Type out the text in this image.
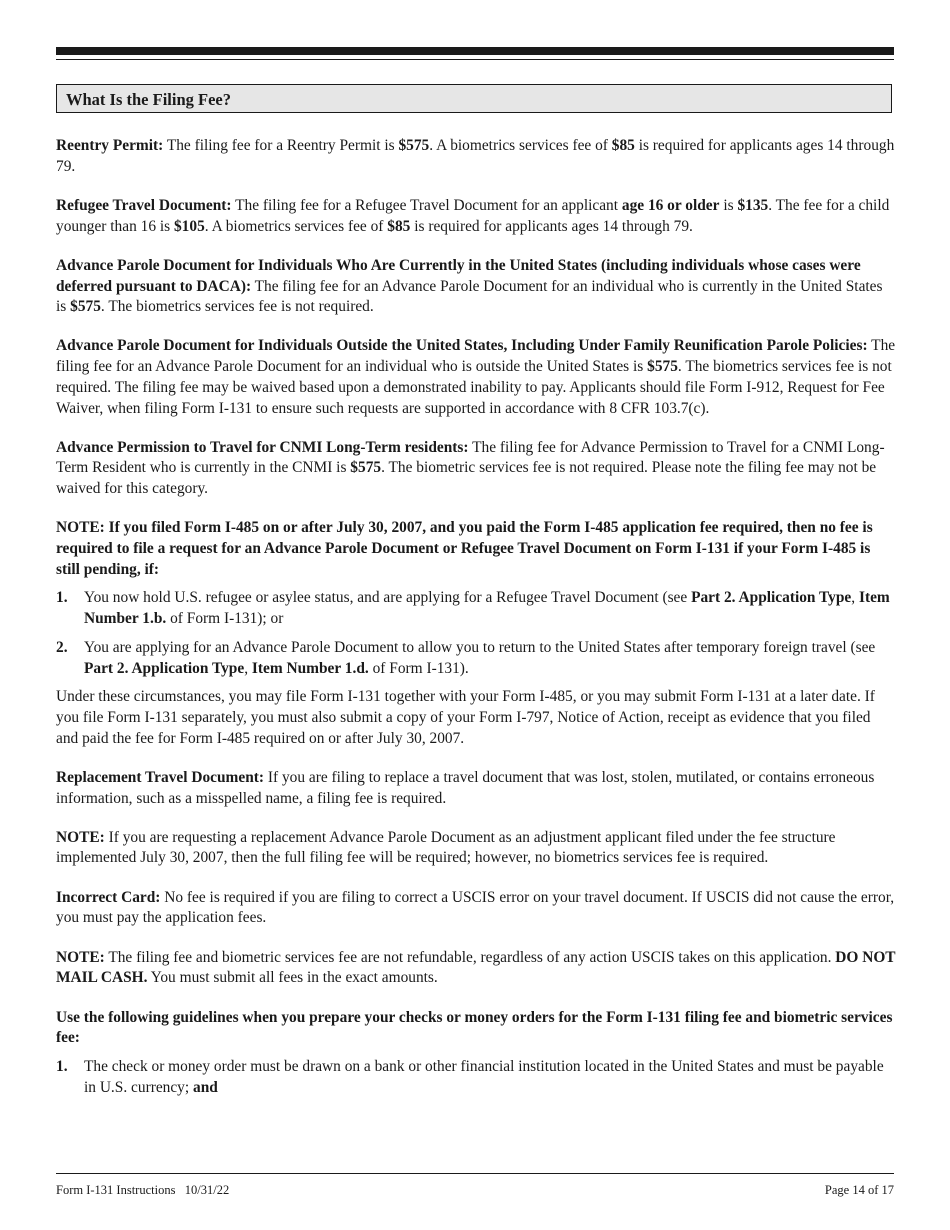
What Is the Filing Fee?

Reentry Permit: The filing fee for a Reentry Permit is $575. A biometrics services fee of $85 is required for applicants ages 14 through 79.

Refugee Travel Document: The filing fee for a Refugee Travel Document for an applicant age 16 or older is $135. The fee for a child younger than 16 is $105. A biometrics services fee of $85 is required for applicants ages 14 through 79.

Advance Parole Document for Individuals Who Are Currently in the United States (including individuals whose cases were deferred pursuant to DACA): The filing fee for an Advance Parole Document for an individual who is currently in the United States is $575. The biometrics services fee is not required.

Advance Parole Document for Individuals Outside the United States, Including Under Family Reunification Parole Policies: The filing fee for an Advance Parole Document for an individual who is outside the United States is $575. The biometrics services fee is not required. The filing fee may be waived based upon a demonstrated inability to pay. Applicants should file Form I-912, Request for Fee Waiver, when filing Form I-131 to ensure such requests are supported in accordance with 8 CFR 103.7(c).

Advance Permission to Travel for CNMI Long-Term residents: The filing fee for Advance Permission to Travel for a CNMI Long-Term Resident who is currently in the CNMI is $575. The biometric services fee is not required. Please note the filing fee may not be waived for this category.

NOTE: If you filed Form I-485 on or after July 30, 2007, and you paid the Form I-485 application fee required, then no fee is required to file a request for an Advance Parole Document or Refugee Travel Document on Form I-131 if your Form I-485 is still pending, if:

1.	You now hold U.S. refugee or asylee status, and are applying for a Refugee Travel Document (see Part 2. Application Type, Item Number 1.b. of Form I-131); or
2.	You are applying for an Advance Parole Document to allow you to return to the United States after temporary foreign travel (see Part 2. Application Type, Item Number 1.d. of Form I-131).

Under these circumstances, you may file Form I-131 together with your Form I-485, or you may submit Form I-131 at a later date. If you file Form I-131 separately, you must also submit a copy of your Form I-797, Notice of Action, receipt as evidence that you filed and paid the fee for Form I-485 required on or after July 30, 2007.

Replacement Travel Document: If you are filing to replace a travel document that was lost, stolen, mutilated, or contains erroneous information, such as a misspelled name, a filing fee is required.

NOTE: If you are requesting a replacement Advance Parole Document as an adjustment applicant filed under the fee structure implemented July 30, 2007, then the full filing fee will be required; however, no biometrics services fee is required.

Incorrect Card: No fee is required if you are filing to correct a USCIS error on your travel document. If USCIS did not cause the error, you must pay the application fees.

NOTE: The filing fee and biometric services fee are not refundable, regardless of any action USCIS takes on this application. DO NOT MAIL CASH. You must submit all fees in the exact amounts.

Use the following guidelines when you prepare your checks or money orders for the Form I-131 filing fee and biometric services fee:

1.	The check or money order must be drawn on a bank or other financial institution located in the United States and must be payable in U.S. currency; and
Form I-131 Instructions   10/31/22	Page 14 of 17
